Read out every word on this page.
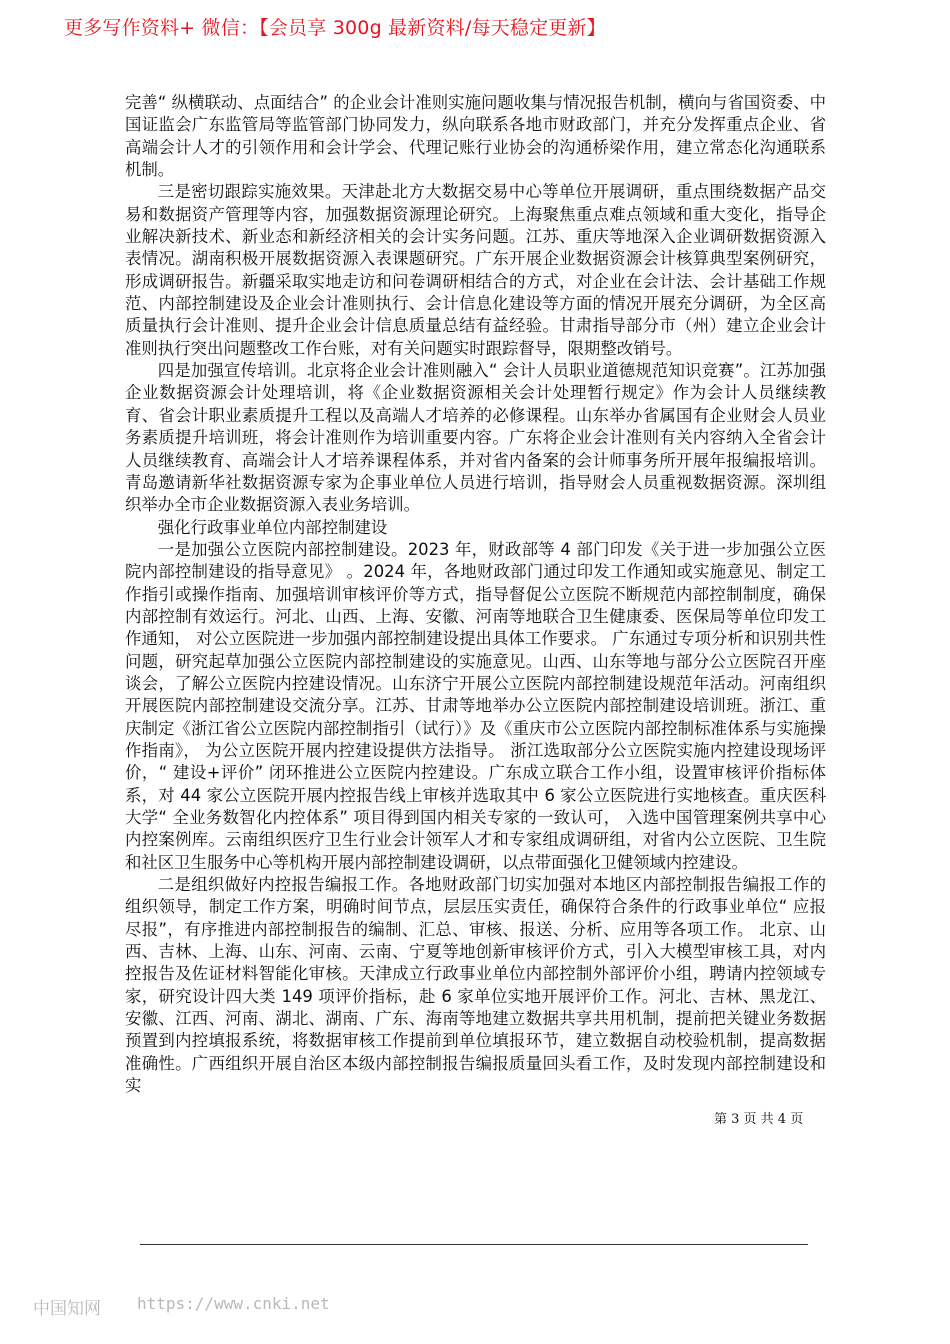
更多写作资料+ 微信：【会员享 300g 最新资料/每天稳定更新】

完善“ 纵横联动、点面结合” 的企业会计准则实施问题收集与情况报告机制，横向与省国资委、中国证监会广东监管局等监管部门协同发力，纵向联系各地市财政部门，并充分发挥重点企业、省高端会计人才的引领作用和会计学会、代理记账行业协会的沟通桥梁作用，建立常态化沟通联系机制。

三是密切跟踪实施效果。天津赴北方大数据交易中心等单位开展调研，重点围绕数据产品交易和数据资产管理等内容，加强数据资源理论研究。上海聚焦重点难点领域和重大变化，指导企业解决新技术、新业态和新经济相关的会计实务问题。江苏、重庆等地深入企业调研数据资源入表情况。湖南积极开展数据资源入表课题研究。广东开展企业数据资源会计核算典型案例研究，形成调研报告。新疆采取实地走访和问卷调研相结合的方式，对企业在会计法、会计基础工作规范、内部控制建设及企业会计准则执行、会计信息化建设等方面的情况开展充分调研，为全区高质量执行会计准则、提升企业会计信息质量总结有益经验。甘肃指导部分市（州）建立企业会计准则执行突出问题整改工作台账，对有关问题实时跟踪督导，限期整改销号。

四是加强宣传培训。北京将企业会计准则融入“ 会计人员职业道德规范知识竞赛”。江苏加强企业数据资源会计处理培训，将《企业数据资源相关会计处理暂行规定》作为会计人员继续教育、省会计职业素质提升工程以及高端人才培养的必修课程。山东举办省属国有企业财会人员业务素质提升培训班，将会计准则作为培训重要内容。广东将企业会计准则有关内容纳入全省会计人员继续教育、高端会计人才培养课程体系，并对省内备案的会计师事务所开展年报编报培训。青岛邀请新华社数据资源专家为企事业单位人员进行培训，指导财会人员重视数据资源。深圳组织举办全市企业数据资源入表业务培训。

强化行政事业单位内部控制建设

一是加强公立医院内部控制建设。2023 年，财政部等 4 部门印发《关于进一步加强公立医院内部控制建设的指导意见》 。2024 年，各地财政部门通过印发工作通知或实施意见、制定工作指引或操作指南、加强培训审核评价等方式，指导督促公立医院不断规范内部控制制度，确保内部控制有效运行。河北、山西、上海、安徽、河南等地联合卫生健康委、医保局等单位印发工作通知， 对公立医院进一步加强内部控制建设提出具体工作要求。 广东通过专项分析和识别共性问题，研究起草加强公立医院内部控制建设的实施意见。山西、山东等地与部分公立医院召开座谈会，了解公立医院内控建设情况。山东济宁开展公立医院内部控制建设规范年活动。河南组织开展医院内部控制建设交流分享。江苏、甘肃等地举办公立医院内部控制建设培训班。浙江、重庆制定《浙江省公立医院内部控制指引（试行）》及《重庆市公立医院内部控制标准体系与实施操作指南》， 为公立医院开展内控建设提供方法指导。 浙江选取部分公立医院实施内控建设现场评价，“ 建设+评价” 闭环推进公立医院内控建设。广东成立联合工作小组，设置审核评价指标体系，对 44 家公立医院开展内控报告线上审核并选取其中 6 家公立医院进行实地核查。重庆医科大学“ 全业务数智化内控体系” 项目得到国内相关专家的一致认可， 入选中国管理案例共享中心内控案例库。云南组织医疗卫生行业会计领军人才和专家组成调研组，对省内公立医院、卫生院和社区卫生服务中心等机构开展内部控制建设调研，以点带面强化卫健领域内控建设。

二是组织做好内控报告编报工作。各地财政部门切实加强对本地区内部控制报告编报工作的组织领导，制定工作方案，明确时间节点，层层压实责任，确保符合条件的行政事业单位“ 应报尽报”，有序推进内部控制报告的编制、汇总、审核、报送、分析、应用等各项工作。 北京、山西、吉林、上海、山东、河南、云南、宁夏等地创新审核评价方式，引入大模型审核工具，对内控报告及佐证材料智能化审核。天津成立行政事业单位内部控制外部评价小组，聘请内控领域专家，研究设计四大类 149 项评价指标，赴 6 家单位实地开展评价工作。河北、吉林、黑龙江、安徽、江西、河南、湖北、湖南、广东、海南等地建立数据共享共用机制，提前把关键业务数据预置到内控填报系统，将数据审核工作提前到单位填报环节，建立数据自动校验机制，提高数据准确性。广西组织开展自治区本级内部控制报告编报质量回头看工作，及时发现内部控制建设和实

第 3 页 共 4 页
中国知网 https://www.cnki.net
